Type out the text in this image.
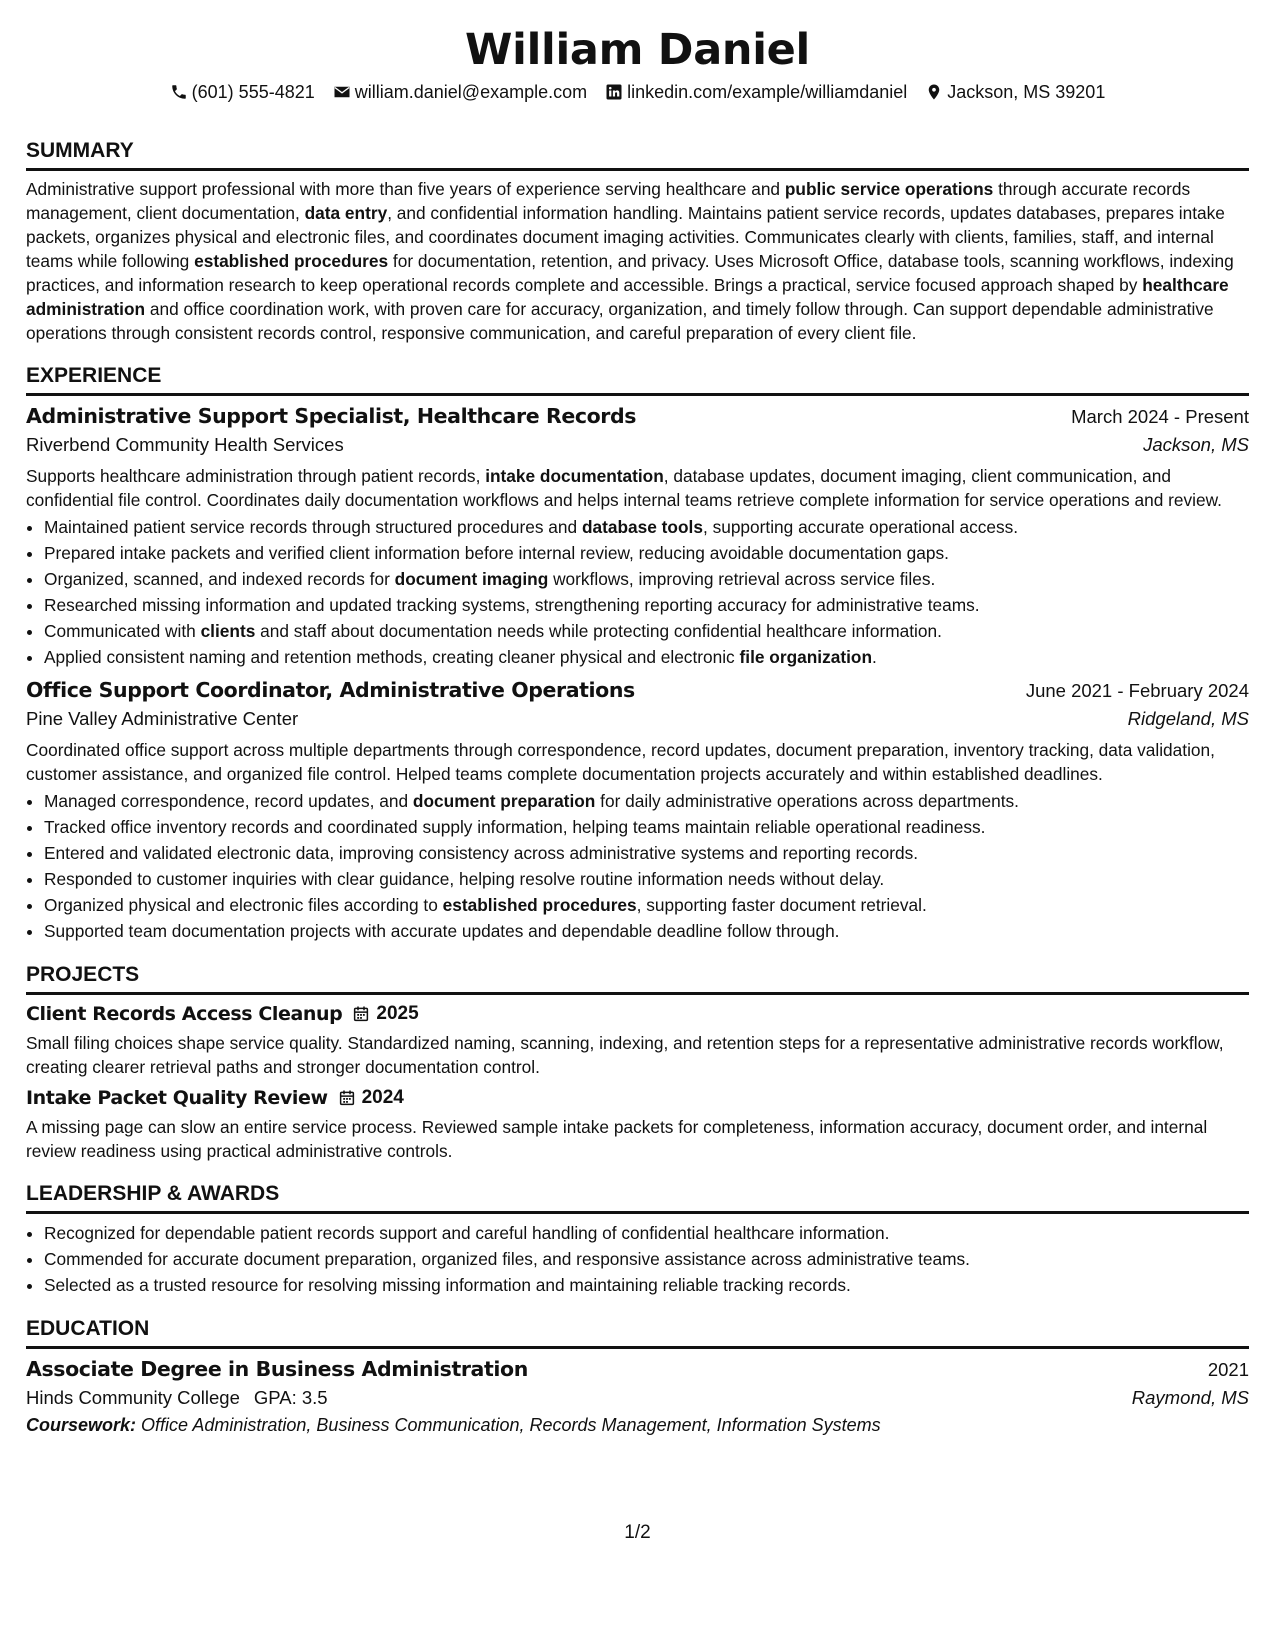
William Daniel
(601) 555-4821 william.daniel@example.com linkedin.com/example/williamdaniel Jackson, MS 39201
SUMMARY

Administrative support professional with more than five years of experience serving healthcare and public service operations through accurate records management, client documentation, data entry, and confidential information handling. Maintains patient service records, updates databases, prepares intake packets, organizes physical and electronic files, and coordinates document imaging activities. Communicates clearly with clients, families, staff, and internal teams while following established procedures for documentation, retention, and privacy. Uses Microsoft Office, database tools, scanning workflows, indexing practices, and information research to keep operational records complete and accessible. Brings a practical, service focused approach shaped by healthcare administration and office coordination work, with proven care for accuracy, organization, and timely follow through. Can support dependable administrative operations through consistent records control, responsive communication, and careful preparation of every client file.

EXPERIENCE
Administrative Support Specialist, Healthcare Records	March 2024 - Present
Riverbend Community Health Services	Jackson, MS

Supports healthcare administration through patient records, intake documentation, database updates, document imaging, client communication, and confidential file control. Coordinates daily documentation workflows and helps internal teams retrieve complete information for service operations and review.

• Maintained patient service records through structured procedures and database tools, supporting accurate operational access.
• Prepared intake packets and verified client information before internal review, reducing avoidable documentation gaps.
• Organized, scanned, and indexed records for document imaging workflows, improving retrieval across service files.
• Researched missing information and updated tracking systems, strengthening reporting accuracy for administrative teams.
• Communicated with clients and staff about documentation needs while protecting confidential healthcare information.
• Applied consistent naming and retention methods, creating cleaner physical and electronic file organization.
Office Support Coordinator, Administrative Operations	June 2021 - February 2024
Pine Valley Administrative Center	Ridgeland, MS

Coordinated office support across multiple departments through correspondence, record updates, document preparation, inventory tracking, data validation, customer assistance, and organized file control. Helped teams complete documentation projects accurately and within established deadlines.

• Managed correspondence, record updates, and document preparation for daily administrative operations across departments.
• Tracked office inventory records and coordinated supply information, helping teams maintain reliable operational readiness.
• Entered and validated electronic data, improving consistency across administrative systems and reporting records.
• Responded to customer inquiries with clear guidance, helping resolve routine information needs without delay.
• Organized physical and electronic files according to established procedures, supporting faster document retrieval.
• Supported team documentation projects with accurate updates and dependable deadline follow through.
PROJECTS
Client Records Access Cleanup 2025

Small filing choices shape service quality. Standardized naming, scanning, indexing, and retention steps for a representative administrative records workflow, creating clearer retrieval paths and stronger documentation control.

Intake Packet Quality Review 2024

A missing page can slow an entire service process. Reviewed sample intake packets for completeness, information accuracy, document order, and internal review readiness using practical administrative controls.

LEADERSHIP & AWARDS
• Recognized for dependable patient records support and careful handling of confidential healthcare information.
• Commended for accurate document preparation, organized files, and responsive assistance across administrative teams.
• Selected as a trusted resource for resolving missing information and maintaining reliable tracking records.
EDUCATION
Associate Degree in Business Administration	2021
Hinds Community College GPA: 3.5	Raymond, MS
Coursework: Office Administration, Business Communication, Records Management, Information Systems
1/2
